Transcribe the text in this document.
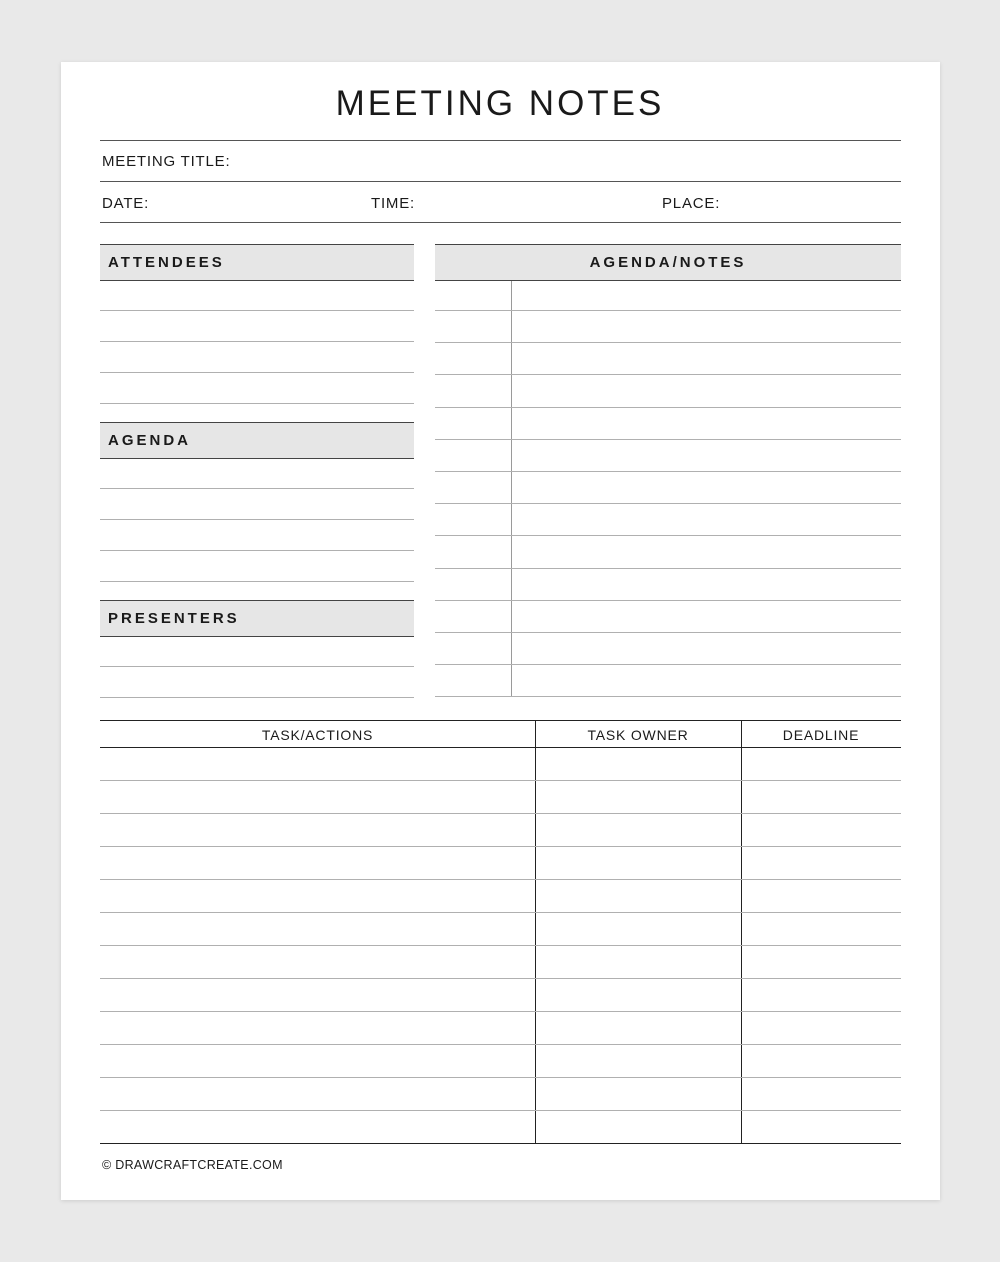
MEETING NOTES
MEETING TITLE:
DATE:	TIME:	PLACE:
ATTENDEES
AGENDA
PRESENTERS
AGENDA/NOTES
TASK/ACTIONS	TASK OWNER	DEADLINE
© DRAWCRAFTCREATE.COM
